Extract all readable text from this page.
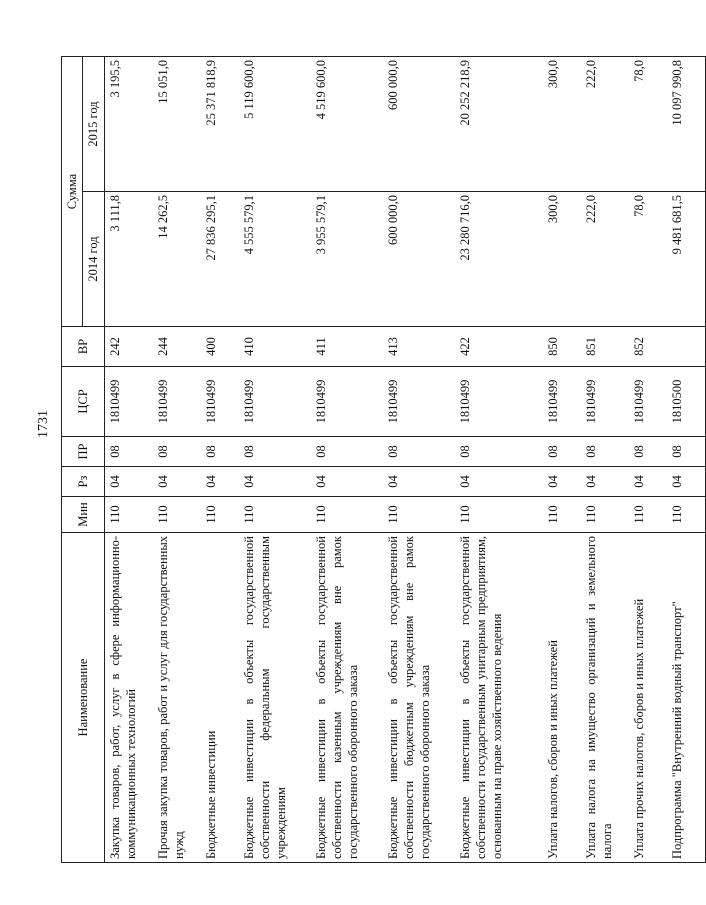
1731
Наименование	Мин	Рз	ПР	ЦСР	ВР	Сумма	
						2014 год	2015 год
Закупка товаров, работ, услуг в сфере информационно-коммуникационных технологий	110	04	08	1810499	242	3 111,8	3 195,5
Прочая закупка товаров, работ и услуг для государственных нужд	110	04	08	1810499	244	14 262,5	15 051,0
Бюджетные инвестиции	110	04	08	1810499	400	27 836 295,1	25 371 818,9
Бюджетные инвестиции в объекты государственной собственности федеральным государственным учреждениям	110	04	08	1810499	410	4 555 579,1	5 119 600,0
Бюджетные инвестиции в объекты государственной собственности казенным учреждениям вне рамок государственного оборонного заказа	110	04	08	1810499	411	3 955 579,1	4 519 600,0
Бюджетные инвестиции в объекты государственной собственности бюджетным учреждениям вне рамок государственного оборонного заказа	110	04	08	1810499	413	600 000,0	600 000,0
Бюджетные инвестиции в объекты государственной собственности государственным унитарным предприятиям, основанным на праве хозяйственного ведения	110	04	08	1810499	422	23 280 716,0	20 252 218,9
Уплата налогов, сборов и иных платежей	110	04	08	1810499	850	300,0	300,0
Уплата налога на имущество организаций и земельного налога	110	04	08	1810499	851	222,0	222,0
Уплата прочих налогов, сборов и иных платежей	110	04	08	1810499	852	78,0	78,0
Подпрограмма "Внутренний водный транспорт"	110	04	08	1810500		9 481 681,5	10 097 990,8
